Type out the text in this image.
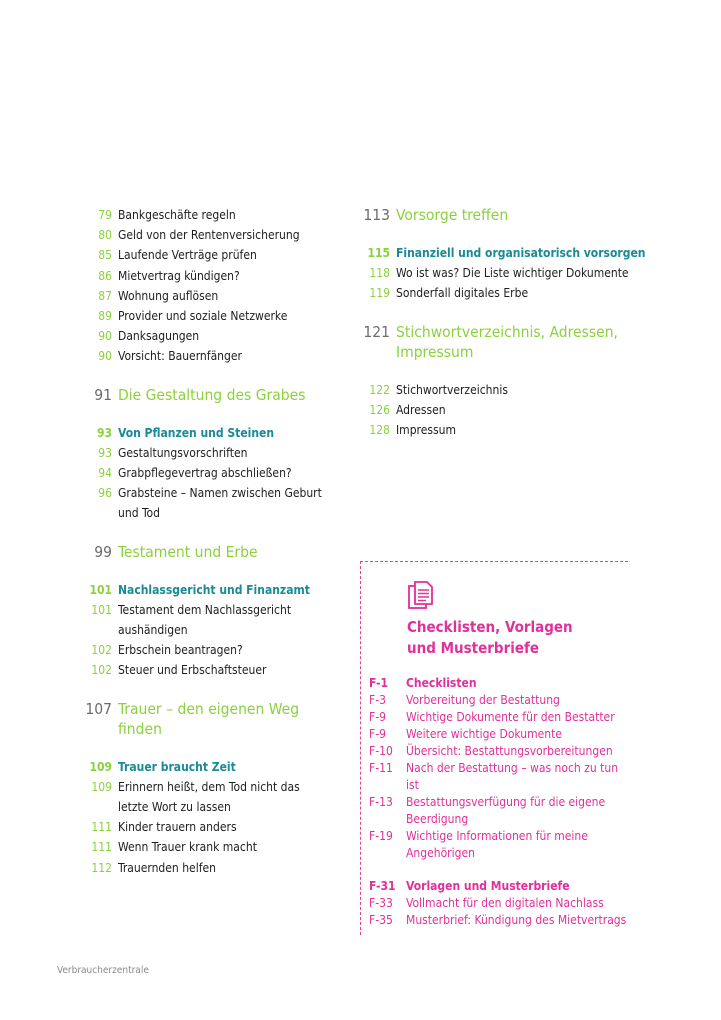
79 Bankgeschäfte regeln
80 Geld von der Rentenversicherung
85 Laufende Verträge prüfen
86 Mietvertrag kündigen?
87 Wohnung auflösen
89 Provider und soziale Netzwerke
90 Danksagungen
90 Vorsicht: Bauernfänger
91 Die Gestaltung des Grabes
93 Von Pflanzen und Steinen
93 Gestaltungsvorschriften
94 Grabpflegevertrag abschließen?
96 Grabsteine – Namen zwischen Geburt und Tod
99 Testament und Erbe
101 Nachlassgericht und Finanzamt
101 Testament dem Nachlassgericht aushändigen
102 Erbschein beantragen?
102 Steuer und Erbschaftsteuer
107 Trauer – den eigenen Weg finden
109 Trauer braucht Zeit
109 Erinnern heißt, dem Tod nicht das letzte Wort zu lassen
111 Kinder trauern anders
111 Wenn Trauer krank macht
112 Trauernden helfen
113 Vorsorge treffen
115 Finanziell und organisatorisch vorsorgen
118 Wo ist was? Die Liste wichtiger Dokumente
119 Sonderfall digitales Erbe
121 Stichwortverzeichnis, Adressen, Impressum
122 Stichwortverzeichnis
126 Adressen
128 Impressum
Checklisten, Vorlagen
und Musterbriefe
F-1 Checklisten
F-3 Vorbereitung der Bestattung
F-9 Wichtige Dokumente für den Bestatter
F-9 Weitere wichtige Dokumente
F-10 Übersicht: Bestattungsvorbereitungen
F-11 Nach der Bestattung – was noch zu tun ist
F-13 Bestattungsverfügung für die eigene Beerdigung
F-19 Wichtige Informationen für meine Angehörigen
F-31 Vorlagen und Musterbriefe
F-33 Vollmacht für den digitalen Nachlass
F-35 Musterbrief: Kündigung des Mietvertrags
Verbraucherzentrale
